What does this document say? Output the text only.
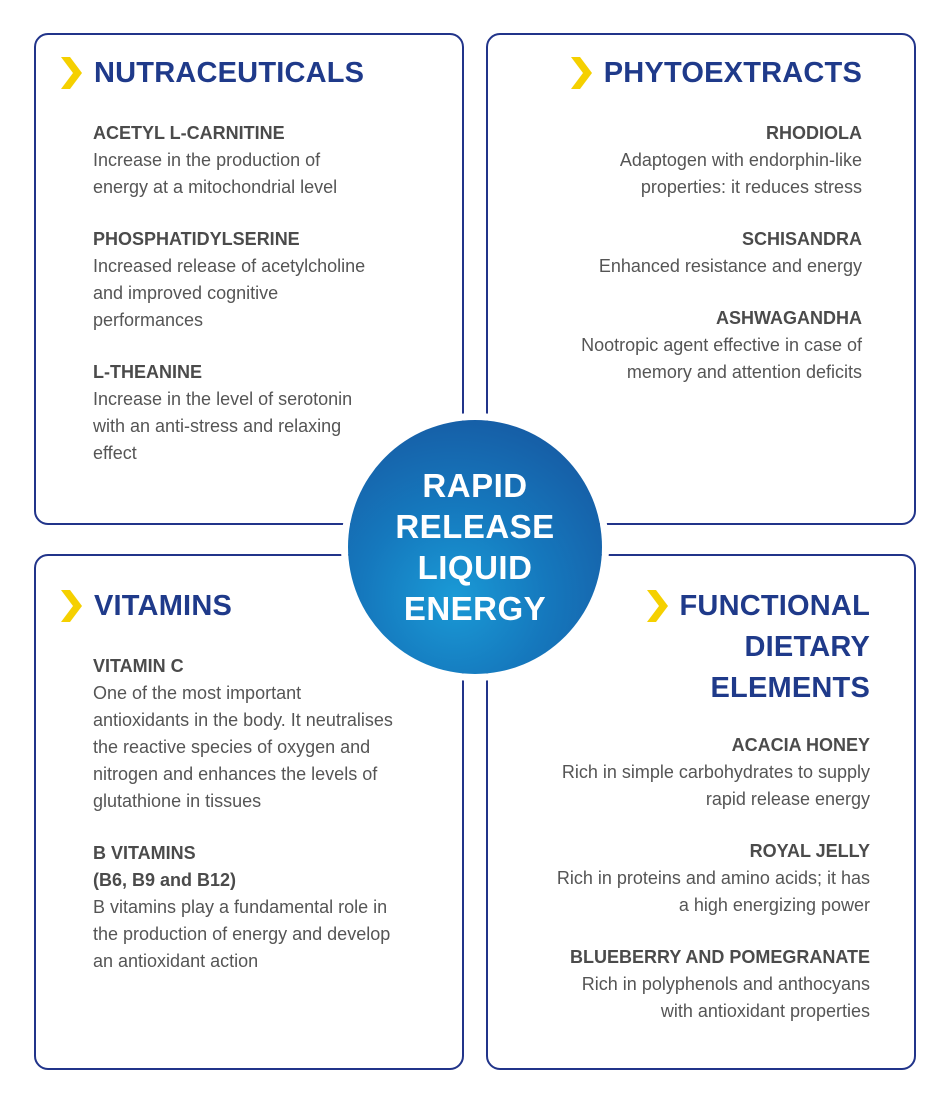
NUTRACEUTICALS
ACETYL L-CARNITINE
Increase in the production of
energy at a mitochondrial level
PHOSPHATIDYLSERINE
Increased release of acetylcholine
and improved cognitive
performances
L-THEANINE
Increase in the level of serotonin
with an anti-stress and relaxing
effect
PHYTOEXTRACTS
RHODIOLA
Adaptogen with endorphin-like
properties: it reduces stress
SCHISANDRA
Enhanced resistance and energy
ASHWAGANDHA
Nootropic agent effective in case of
memory and attention deficits
VITAMINS
VITAMIN C
One of the most important
antioxidants in the body. It neutralises
the reactive species of oxygen and
nitrogen and enhances the levels of
glutathione in tissues
B VITAMINS
(B6, B9 and B12)
B vitamins play a fundamental role in
the production of energy and develop
an antioxidant action
FUNCTIONAL
DIETARY
ELEMENTS
ACACIA HONEY
Rich in simple carbohydrates to supply
rapid release energy
ROYAL JELLY
Rich in proteins and amino acids; it has
a high energizing power
BLUEBERRY AND POMEGRANATE
Rich in polyphenols and anthocyans
with antioxidant properties
RAPID
RELEASE
LIQUID
ENERGY
